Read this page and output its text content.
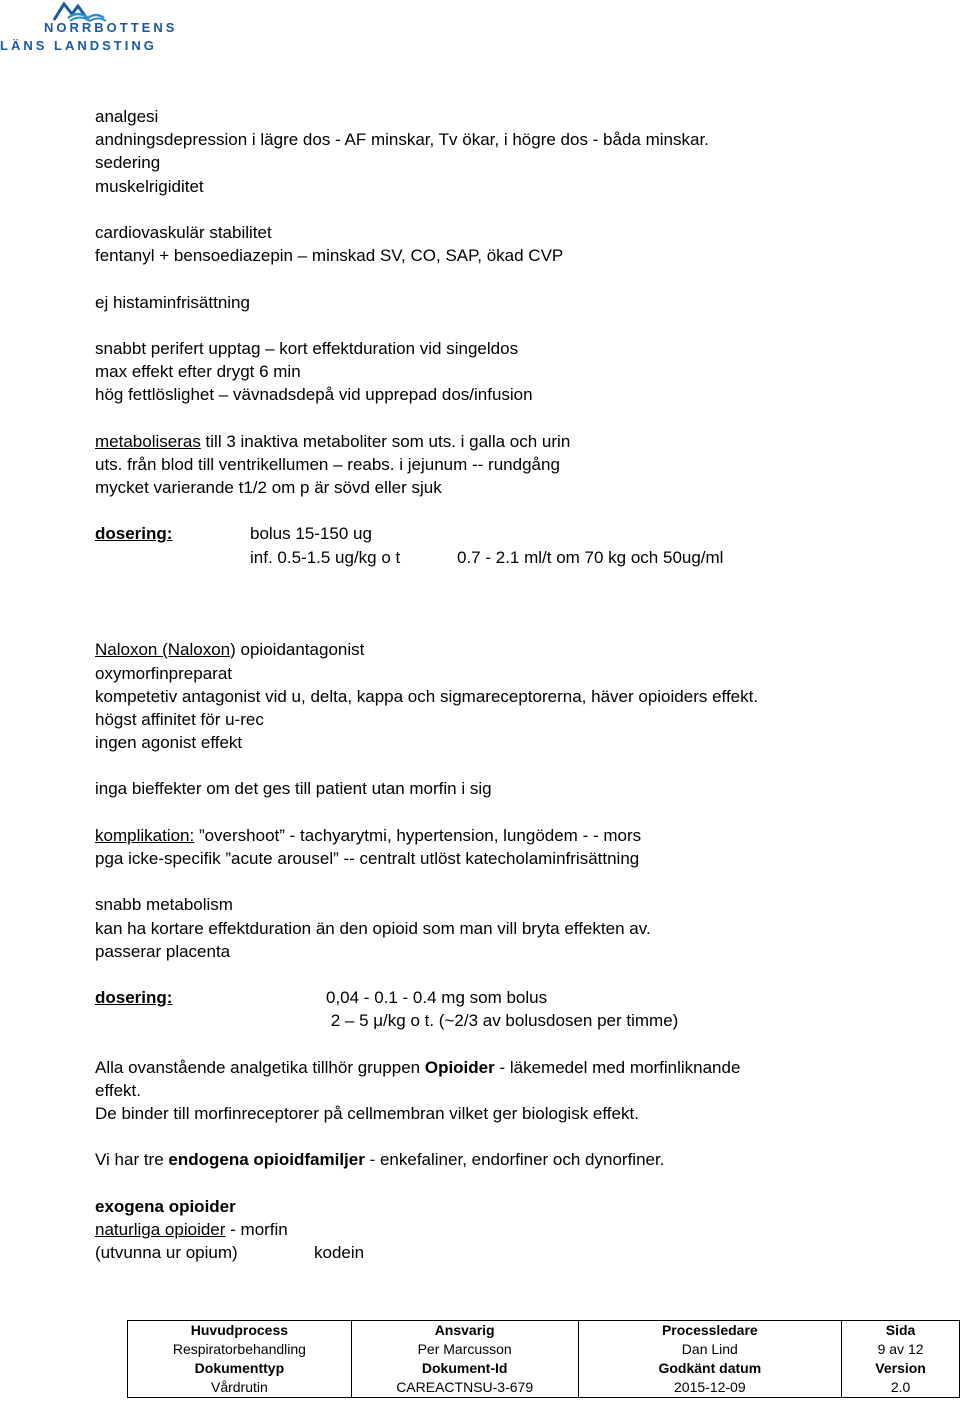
NORRBOTTENS
LÄNS LANDSTING
analgesi
andningsdepression i lägre dos - AF minskar, Tv ökar, i högre dos - båda minskar.
sedering
muskelrigiditet
cardiovaskulär stabilitet
fentanyl + bensoediazepin – minskad SV, CO, SAP, ökad CVP
ej histaminfrisättning
snabbt perifert upptag – kort effektduration vid singeldos
max effekt efter drygt 6 min
hög fettlöslighet – vävnadsdepå vid upprepad dos/infusion
metaboliseras till 3 inaktiva metaboliter som uts. i galla och urin
uts. från blod till ventrikellumen – reabs. i jejunum -- rundgång
mycket varierande t1/2 om p är sövd eller sjuk
dosering:	bolus 15-150 ug
inf. 0.5-1.5 ug/kg o t	0.7 - 2.1 ml/t om 70 kg och 50ug/ml
Naloxon (Naloxon) opioidantagonist
oxymorfinpreparat
kompetetiv antagonist vid u, delta, kappa och sigmareceptorerna, häver opioiders effekt.
högst affinitet för u-rec
ingen agonist effekt
inga bieffekter om det ges till patient utan morfin i sig
komplikation: ”overshoot” - tachyarytmi, hypertension, lungödem - - mors
pga icke-specifik ”acute arousel” -- centralt utlöst katecholaminfrisättning
snabb metabolism
kan ha kortare effektduration än den opioid som man vill bryta effekten av.
passerar placenta
dosering:	0,04 - 0.1 - 0.4 mg som bolus
2 – 5 μ/kg o t. (~2/3 av bolusdosen per timme)
Alla ovanstående analgetika tillhör gruppen Opioider - läkemedel med morfinliknande
effekt.
De binder till morfinreceptorer på cellmembran vilket ger biologisk effekt.
Vi har tre endogena opioidfamiljer - enkefaliner, endorfiner och dynorfiner.
exogena opioider
naturliga opioider - morfin
(utvunna ur opium)	kodein
Huvudprocess	Ansvarig	Processledare	Sida
Respiratorbehandling	Per Marcusson	Dan Lind	9 av 12
Dokumenttyp	Dokument-Id	Godkänt datum	Version
Vårdrutin	CAREACTNSU-3-679	2015-12-09	2.0
